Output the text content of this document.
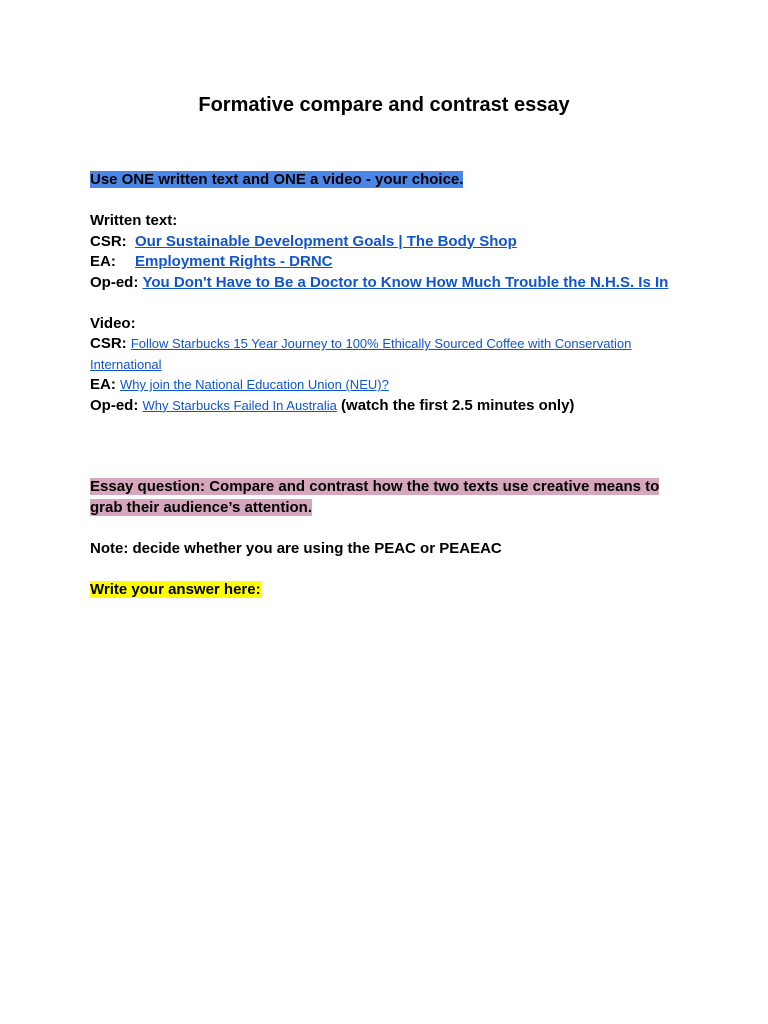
Formative compare and contrast essay
Use ONE written text and ONE a video - your choice.
Written text:
CSR: Our Sustainable Development Goals | The Body Shop
EA: Employment Rights - DRNC
Op-ed: You Don't Have to Be a Doctor to Know How Much Trouble the N.H.S. Is In
Video:
CSR: Follow Starbucks 15 Year Journey to 100% Ethically Sourced Coffee with Conservation International
EA: Why join the National Education Union (NEU)?
Op-ed: Why Starbucks Failed In Australia (watch the first 2.5 minutes only)
Essay question: Compare and contrast how the two texts use creative means to grab their audience’s attention.
Note: decide whether you are using the PEAC or PEAEAC
Write your answer here:
